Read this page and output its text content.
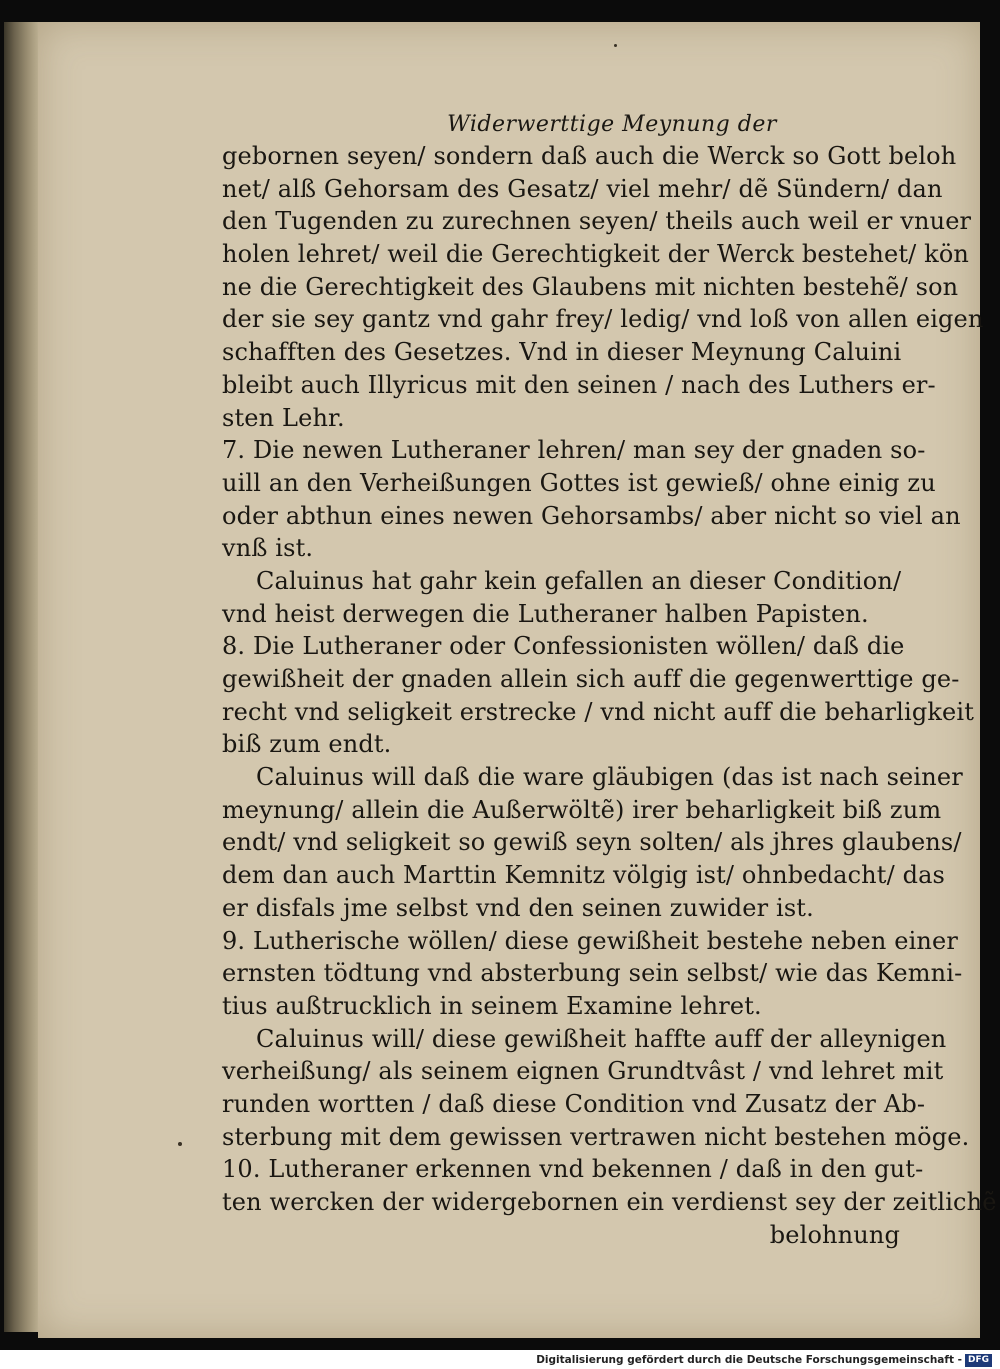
Widerwerttige Meynung der
gebornen seyen/ sondern daß auch die Werck so Gott beloh
net/ alß Gehorsam des Gesatz/ viel mehr/ dẽ Sündern/ dan
den Tugenden zu zurechnen seyen/ theils auch weil er vnuer
holen lehret/ weil die Gerechtigkeit der Werck bestehet/ kön
ne die Gerechtigkeit des Glaubens mit nichten bestehẽ/ son
der sie sey gantz vnd gahr frey/ ledig/ vnd loß von allen eigen
schafften des Gesetzes. Vnd in dieser Meynung Caluini
bleibt auch Illyricus mit den seinen / nach des Luthers er-
sten Lehr.
7. Die newen Lutheraner lehren/ man sey der gnaden so-
uill an den Verheißungen Gottes ist gewieß/ ohne einig zu
oder abthun eines newen Gehorsambs/ aber nicht so viel an
vnß ist.
Caluinus hat gahr kein gefallen an dieser Condition/
vnd heist derwegen die Lutheraner halben Papisten.
8. Die Lutheraner oder Confessionisten wöllen/ daß die
gewißheit der gnaden allein sich auff die gegenwerttige ge-
recht vnd seligkeit erstrecke / vnd nicht auff die beharligkeit
biß zum endt.
Caluinus will daß die ware gläubigen (das ist nach seiner
meynung/ allein die Außerwöltẽ) irer beharligkeit biß zum
endt/ vnd seligkeit so gewiß seyn solten/ als jhres glaubens/
dem dan auch Marttin Kemnitz völgig ist/ ohnbedacht/ das
er disfals jme selbst vnd den seinen zuwider ist.
9. Lutherische wöllen/ diese gewißheit bestehe neben einer
ernsten tödtung vnd absterbung sein selbst/ wie das Kemni-
tius außtrucklich in seinem Examine lehret.
Caluinus will/ diese gewißheit haffte auff der alleynigen
verheißung/ als seinem eignen Grundtvâst / vnd lehret mit
runden wortten / daß diese Condition vnd Zusatz der Ab-
sterbung mit dem gewissen vertrawen nicht bestehen möge.
10. Lutheraner erkennen vnd bekennen / daß in den gut-
ten wercken der widergebornen ein verdienst sey der zeitlichẽ
belohnung
Digitalisierung gefördert durch die Deutsche Forschungsgemeinschaft - DFG
